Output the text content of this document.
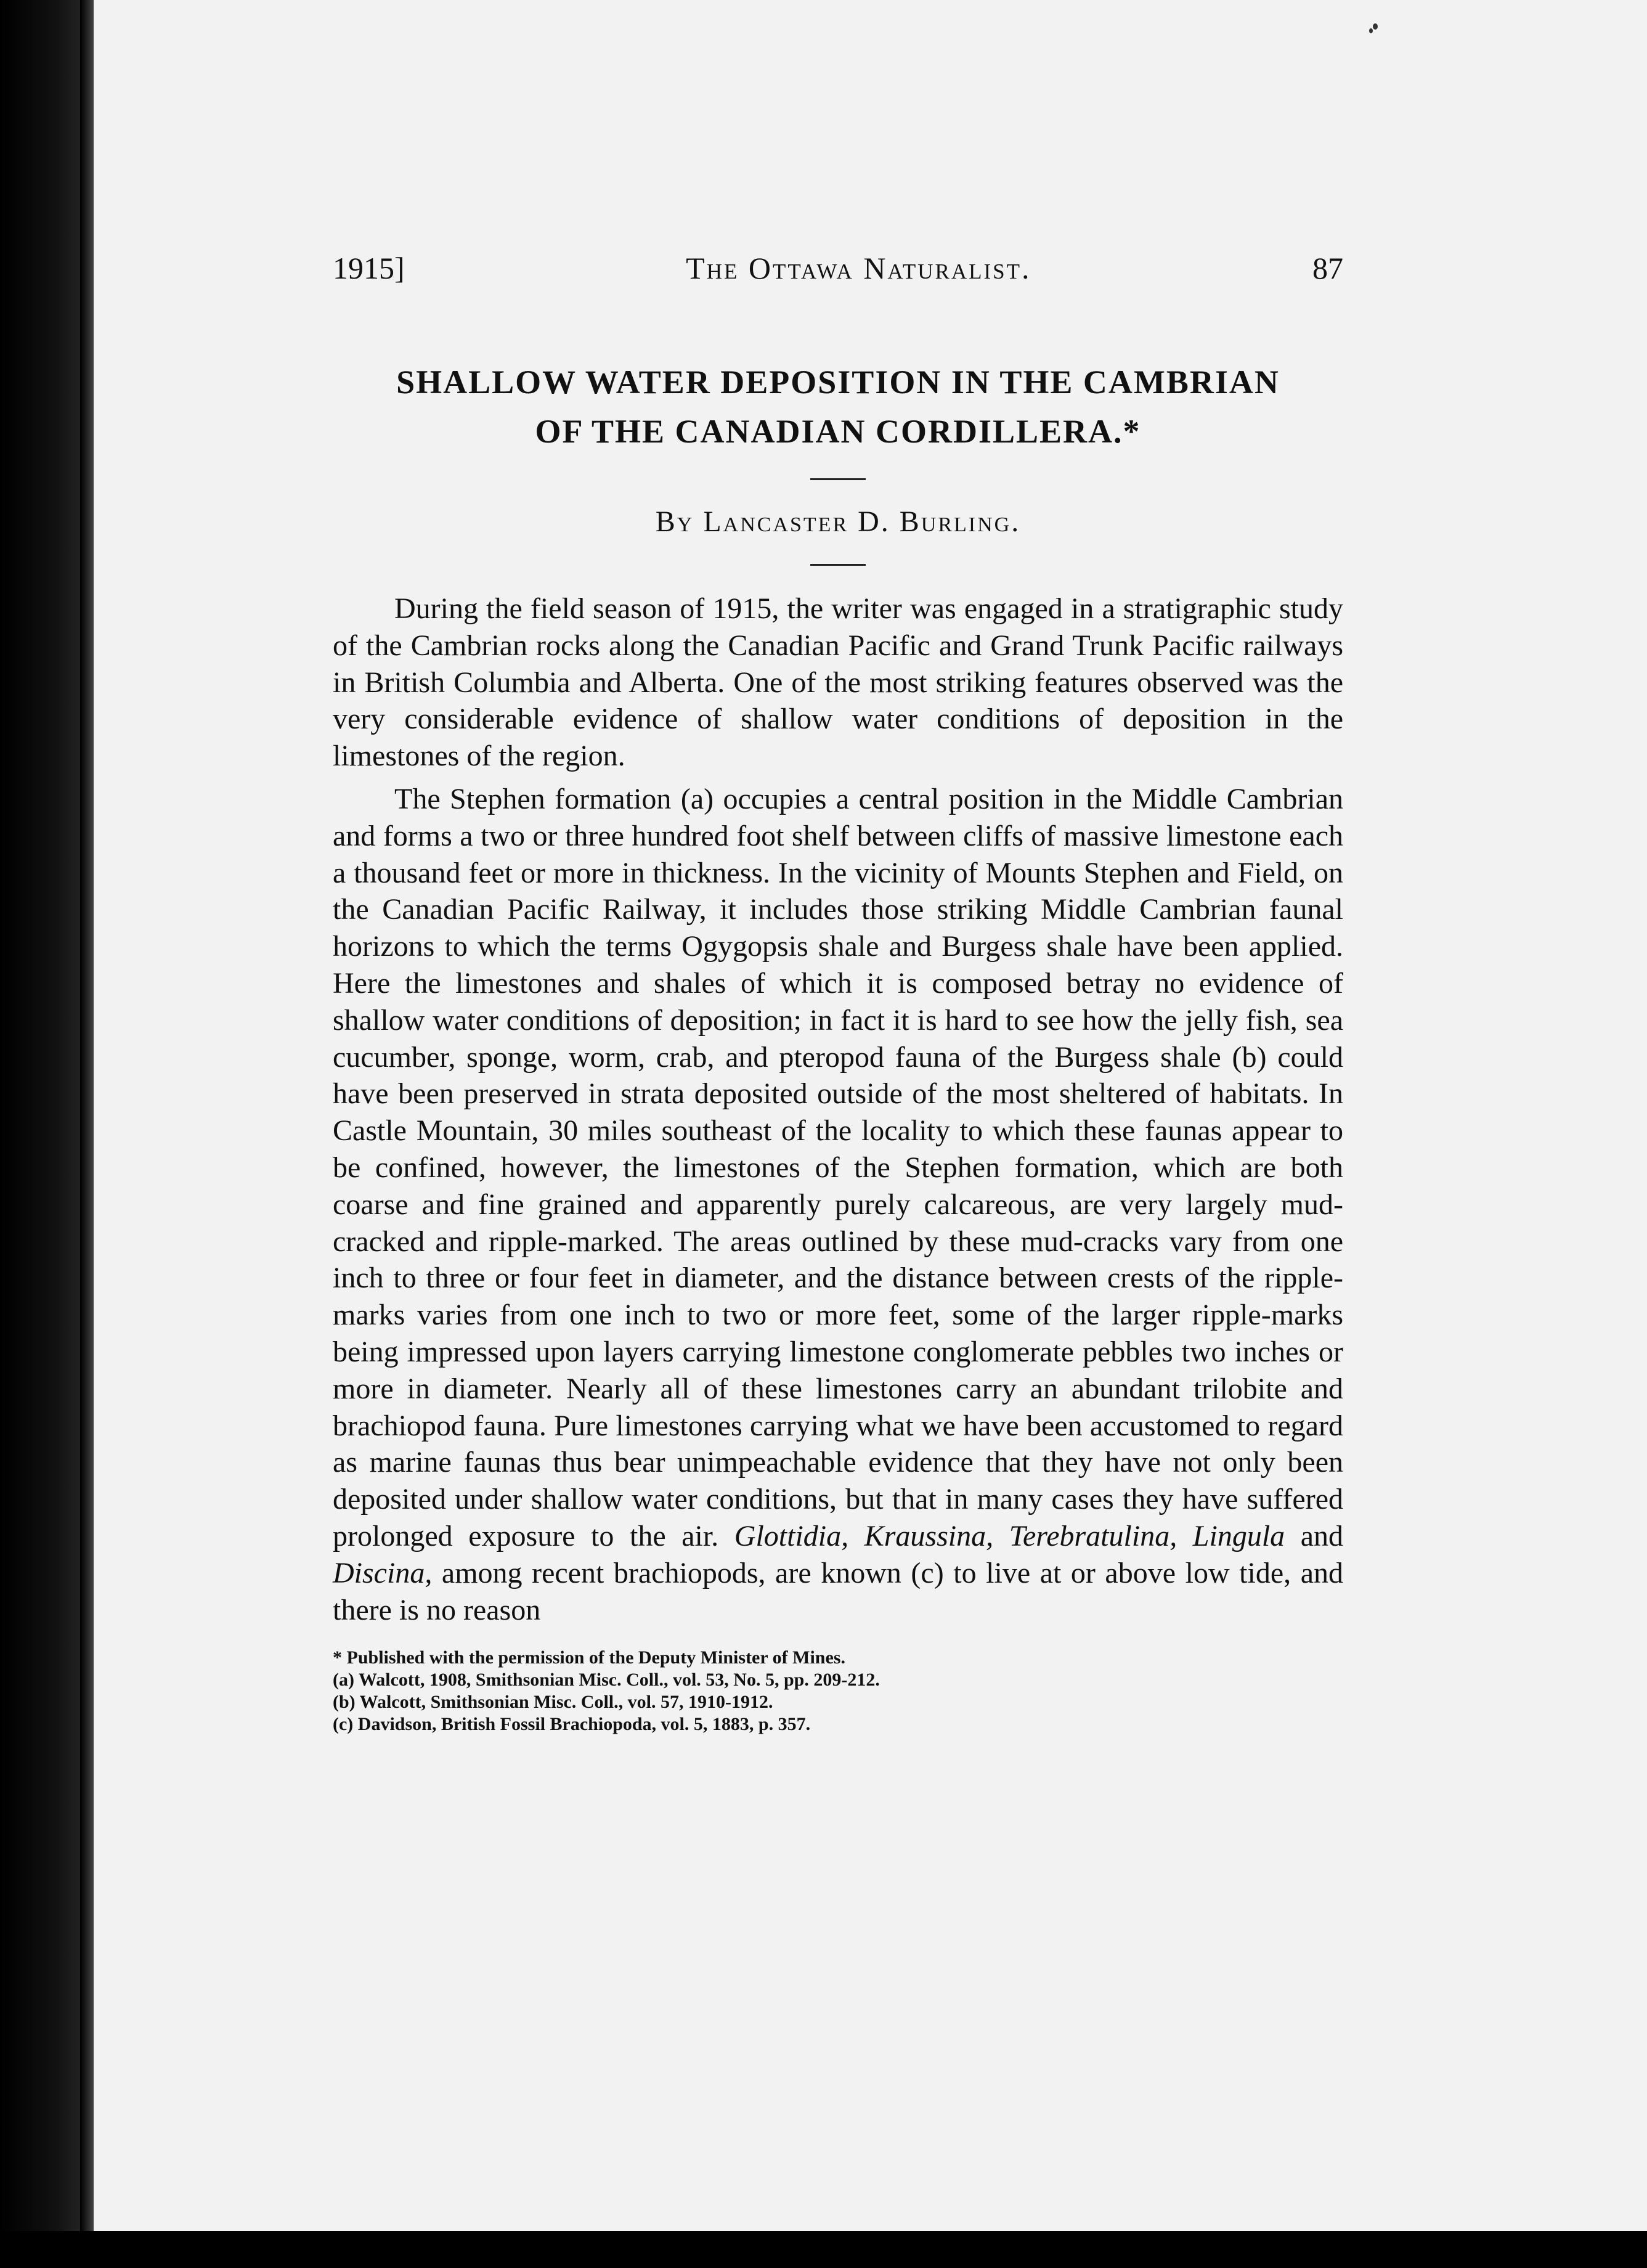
1915]	The Ottawa Naturalist.	87
SHALLOW WATER DEPOSITION IN THE CAMBRIAN
OF THE CANADIAN CORDILLERA.*
By Lancaster D. Burling.

During the field season of 1915, the writer was engaged in a stratigraphic study of the Cambrian rocks along the Canadian Pacific and Grand Trunk Pacific railways in British Columbia and Alberta. One of the most striking features observed was the very considerable evidence of shallow water conditions of deposition in the limestones of the region.

The Stephen formation (a) occupies a central position in the Middle Cambrian and forms a two or three hundred foot shelf between cliffs of massive limestone each a thousand feet or more in thickness. In the vicinity of Mounts Stephen and Field, on the Canadian Pacific Railway, it includes those striking Middle Cambrian faunal horizons to which the terms Ogygopsis shale and Burgess shale have been applied. Here the limestones and shales of which it is composed betray no evidence of shallow water conditions of deposition; in fact it is hard to see how the jelly fish, sea cucumber, sponge, worm, crab, and pteropod fauna of the Burgess shale (b) could have been preserved in strata deposited outside of the most sheltered of habitats. In Castle Mountain, 30 miles southeast of the locality to which these faunas appear to be confined, however, the limestones of the Stephen formation, which are both coarse and fine grained and apparently purely calcareous, are very largely mud-cracked and ripple-marked. The areas outlined by these mud-cracks vary from one inch to three or four feet in diameter, and the distance between crests of the ripple-marks varies from one inch to two or more feet, some of the larger ripple-marks being impressed upon layers carrying limestone conglomerate pebbles two inches or more in diameter. Nearly all of these limestones carry an abundant trilobite and brachiopod fauna. Pure limestones carrying what we have been accustomed to regard as marine faunas thus bear unimpeachable evidence that they have not only been deposited under shallow water conditions, but that in many cases they have suffered prolonged exposure to the air. Glottidia, Kraussina, Terebratulina, Lingula and Discina, among recent brachiopods, are known (c) to live at or above low tide, and there is no reason

* Published with the permission of the Deputy Minister of Mines.
(a) Walcott, 1908, Smithsonian Misc. Coll., vol. 53, No. 5, pp. 209-212.
(b) Walcott, Smithsonian Misc. Coll., vol. 57, 1910-1912.
(c) Davidson, British Fossil Brachiopoda, vol. 5, 1883, p. 357.
